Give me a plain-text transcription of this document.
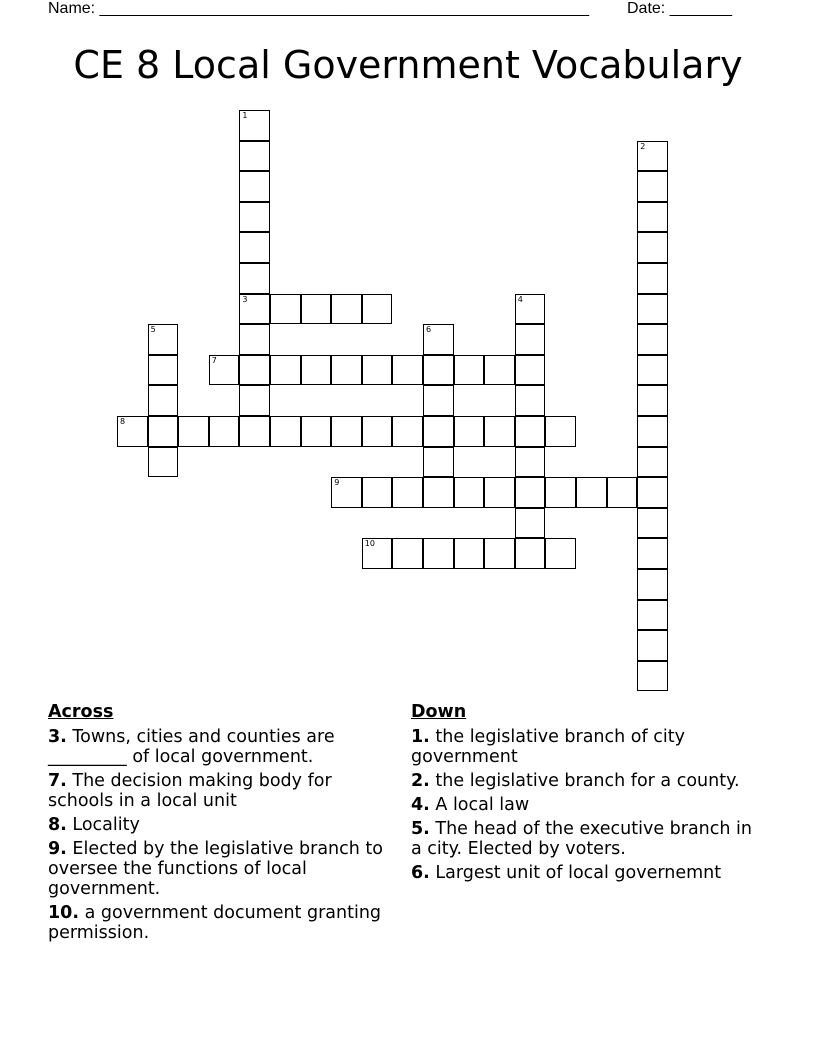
Name: _______________________________________________________ Date: _______
CE 8 Local Government Vocabulary
1
3
2
4
5	6
7
8
9
10
Across
3. Towns, cities and counties are _________ of local government.
7. The decision making body for schools in a local unit
8. Locality
9. Elected by the legislative branch to oversee the functions of local government.
10. a government document granting permission.
Down
1. the legislative branch of city government
2. the legislative branch for a county.
4. A local law
5. The head of the executive branch in a city. Elected by voters.
6. Largest unit of local governemnt
